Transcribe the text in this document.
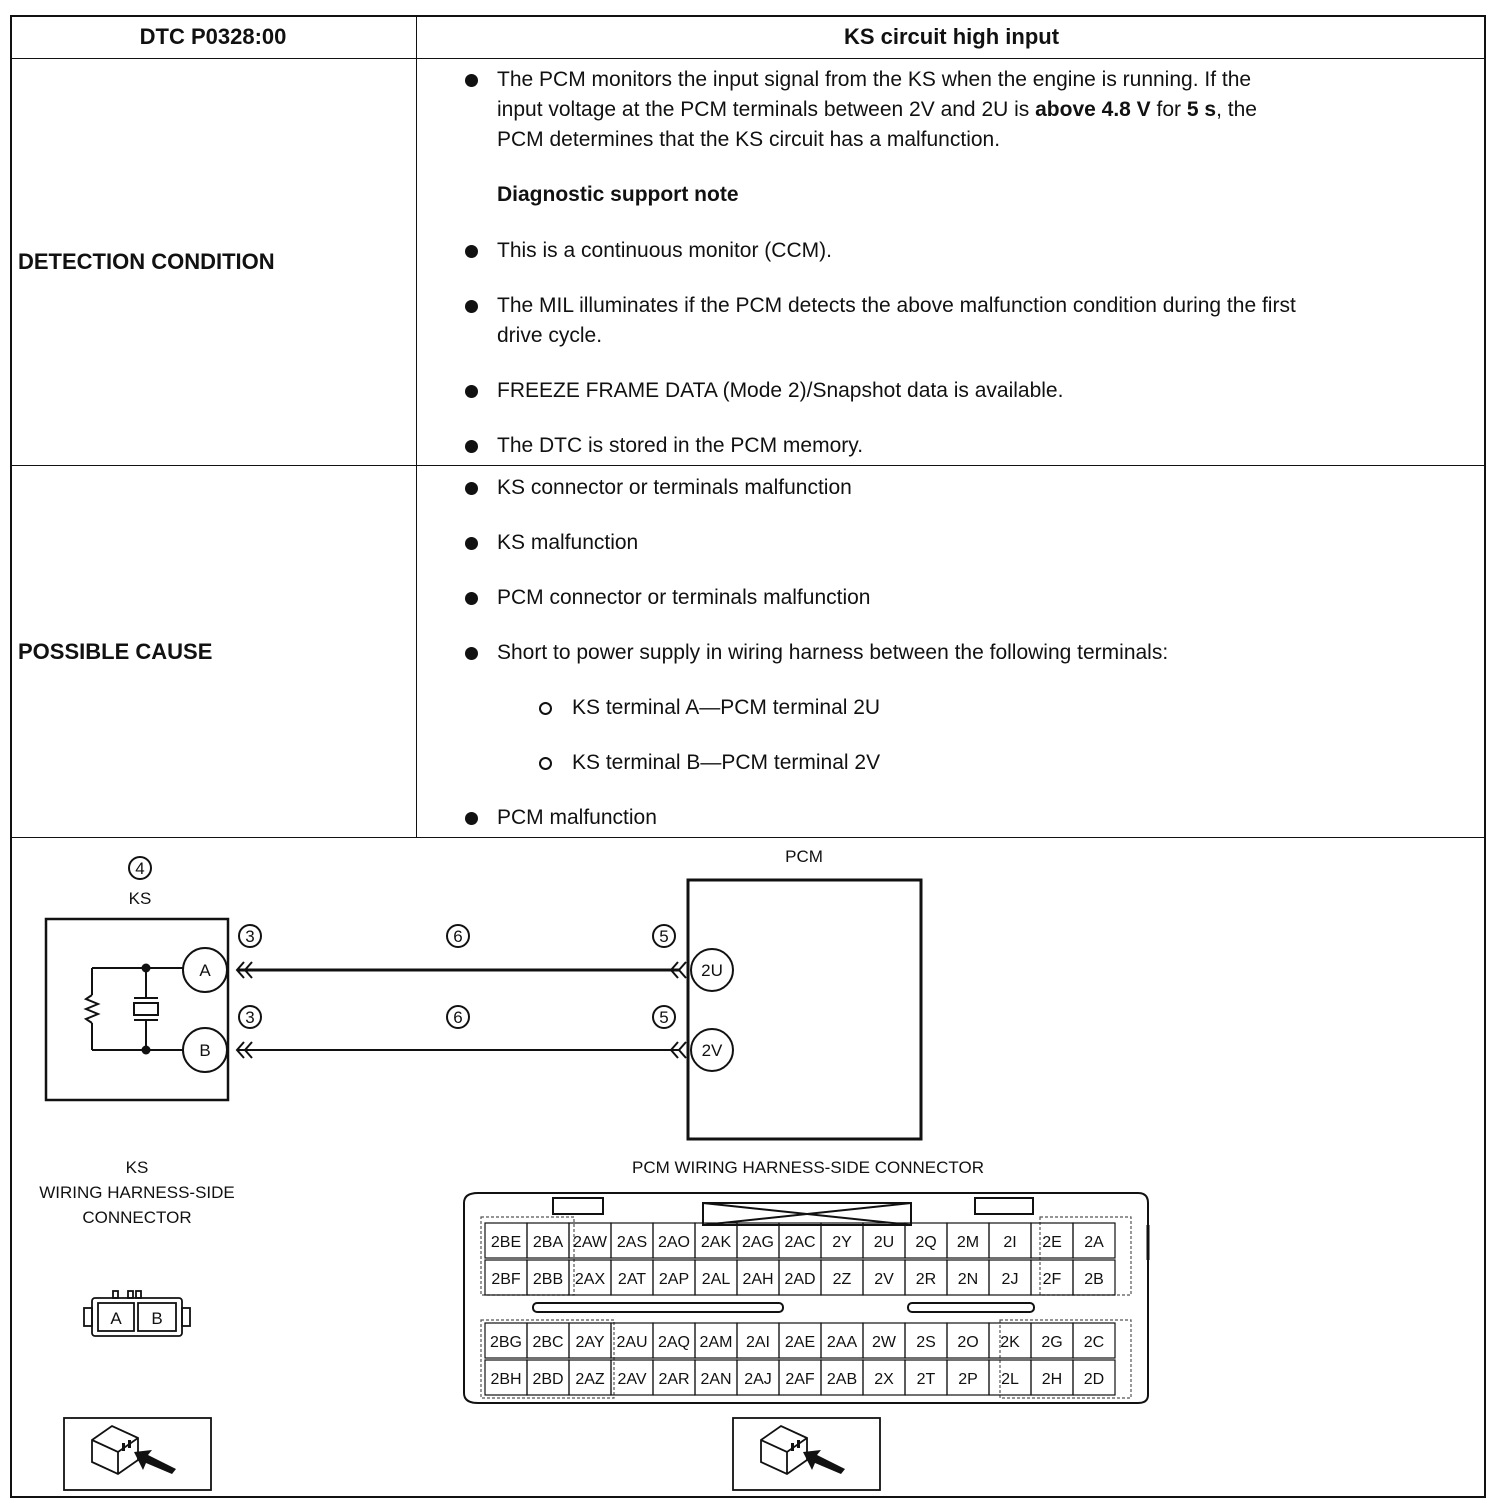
DTC P0328:00	KS circuit high input
DETECTION CONDITION
The PCM monitors the input signal from the KS when the engine is running. If the
input voltage at the PCM terminals between 2V and 2U is above 4.8 V for 5 s, the
PCM determines that the KS circuit has a malfunction.
Diagnostic support note
This is a continuous monitor (CCM).
The MIL illuminates if the PCM detects the above malfunction condition during the first
drive cycle.
FREEZE FRAME DATA (Mode 2)/Snapshot data is available.
The DTC is stored in the PCM memory.
POSSIBLE CAUSE
KS connector or terminals malfunction
KS malfunction
PCM connector or terminals malfunction
Short to power supply in wiring harness between the following terminals:
KS terminal A—PCM terminal 2U
KS terminal B—PCM terminal 2V
PCM malfunction
PCM
KS
4
3
3
6
6
5
5
A
B
2U
2V
KS
WIRING HARNESS-SIDE
CONNECTOR
PCM WIRING HARNESS-SIDE CONNECTOR
A B
2BE 2BA 2AW 2AS 2AO 2AK 2AG 2AC 2Y 2U 2Q 2M 2I 2E 2A
2BF 2BB 2AX 2AT 2AP 2AL 2AH 2AD 2Z 2V 2R 2N 2J 2F 2B
2BG 2BC 2AY 2AU 2AQ 2AM 2AI 2AE 2AA 2W 2S 2O 2K 2G 2C
2BH 2BD 2AZ 2AV 2AR 2AN 2AJ 2AF 2AB 2X 2T 2P 2L 2H 2D
